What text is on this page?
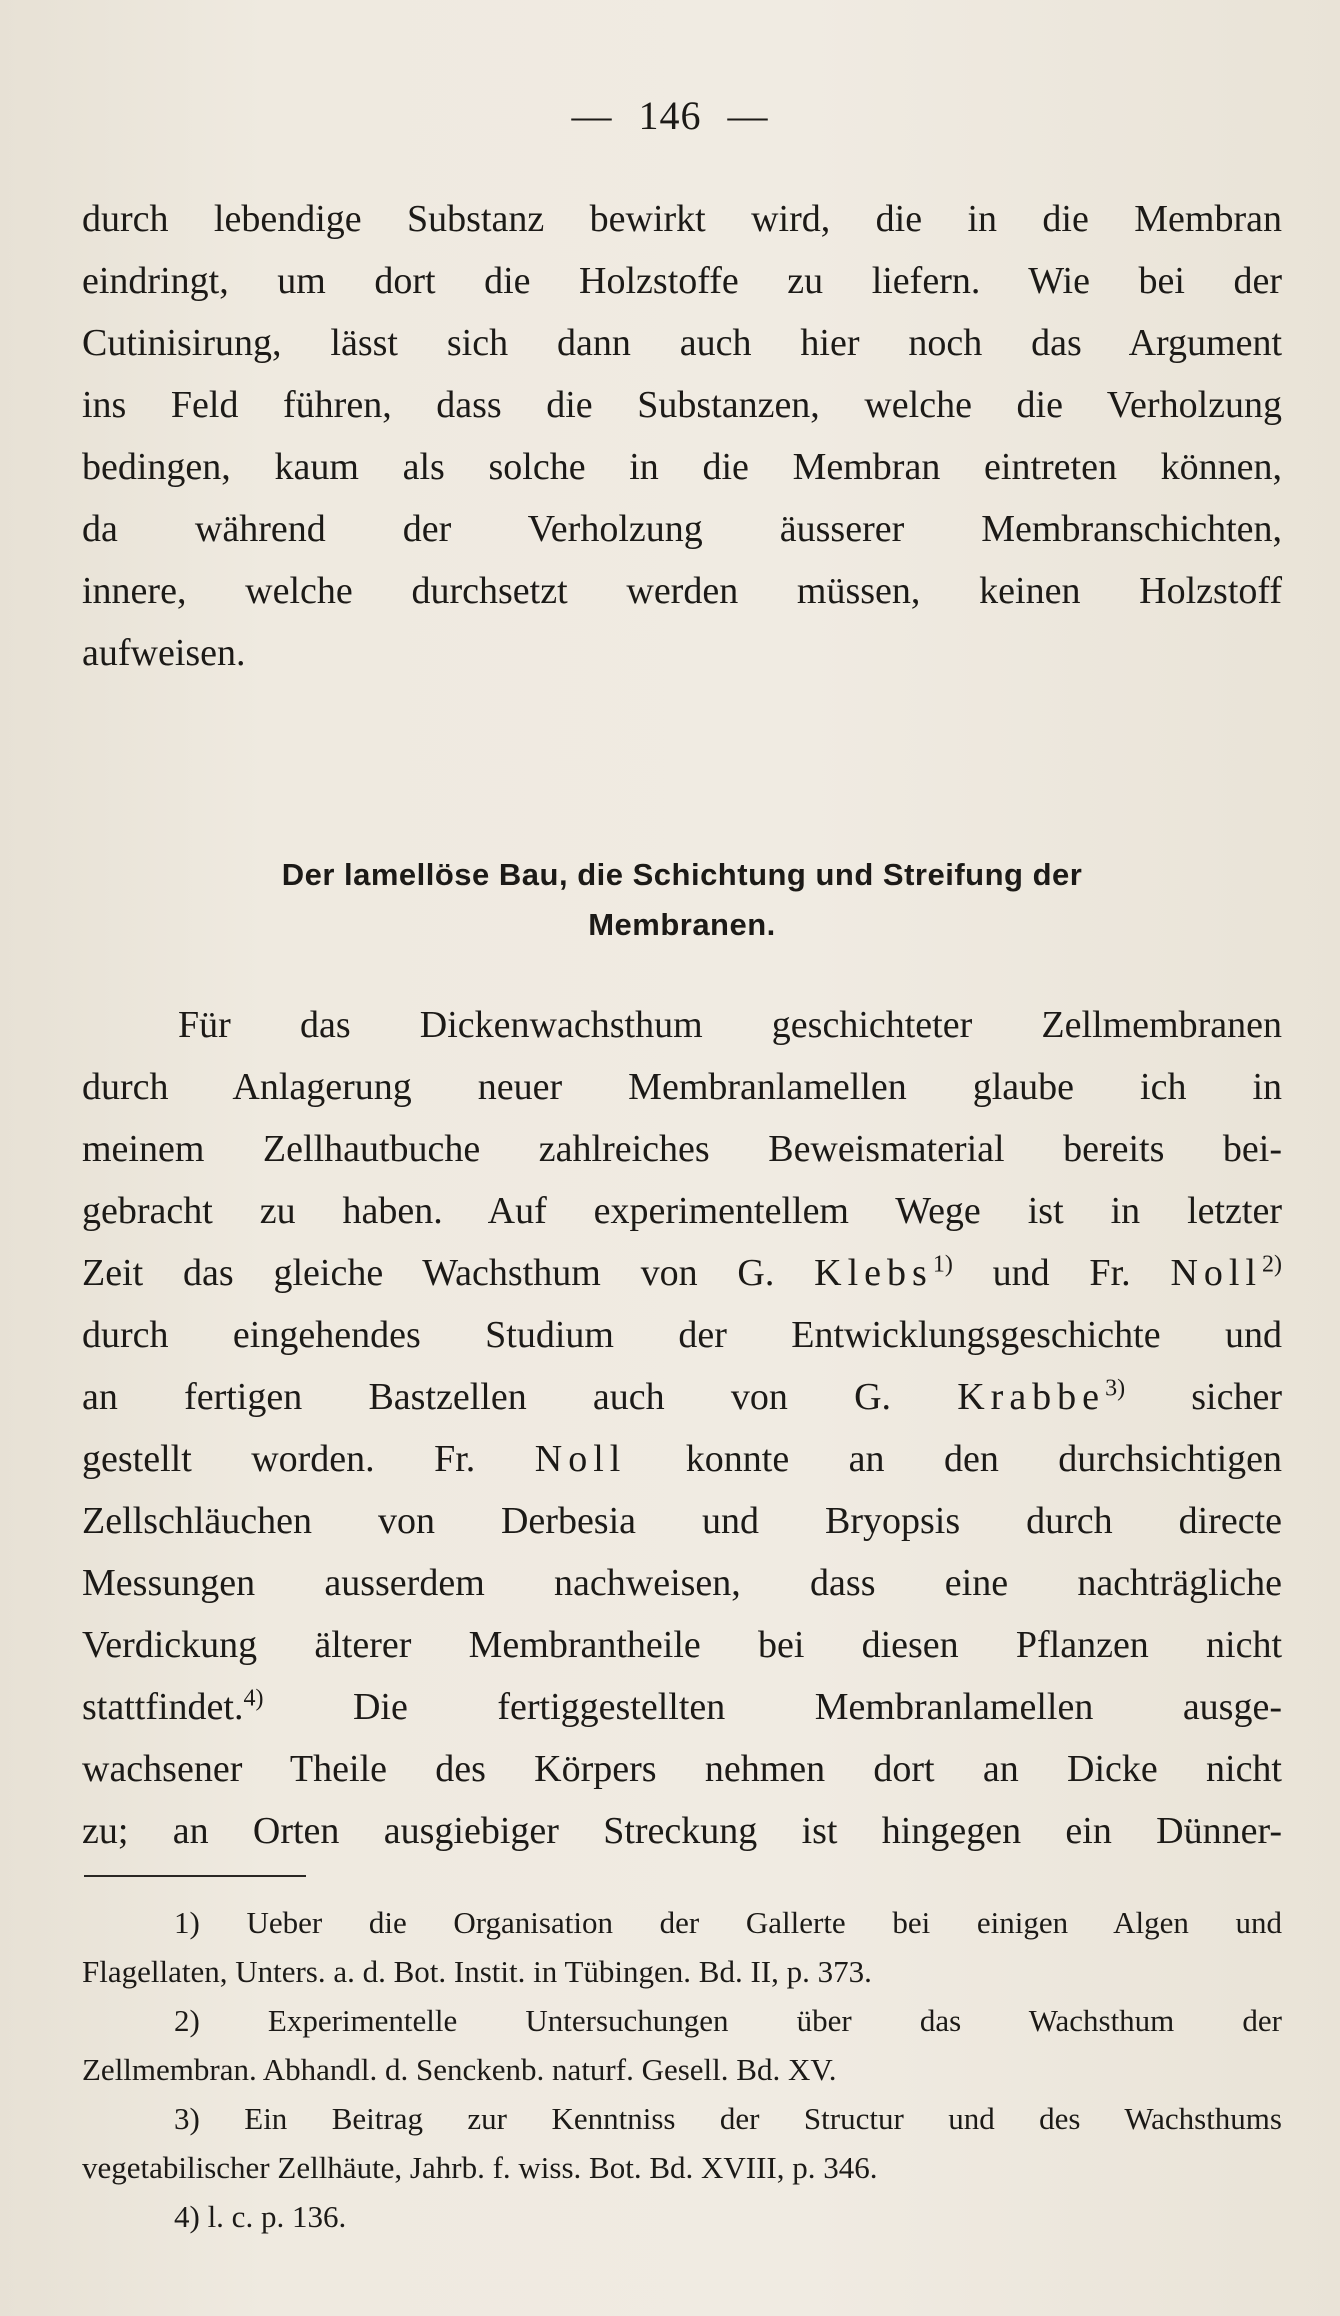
— 146 —
durch lebendige Substanz bewirkt wird, die in die Membran
eindringt, um dort die Holzstoffe zu liefern. Wie bei der
Cutinisirung, lässt sich dann auch hier noch das Argument
ins Feld führen, dass die Substanzen, welche die Verholzung
bedingen, kaum als solche in die Membran eintreten können,
da während der Verholzung äusserer Membranschichten,
innere, welche durchsetzt werden müssen, keinen Holzstoff
aufweisen.
Der lamellöse Bau, die Schichtung und Streifung der
Membranen.
Für das Dickenwachsthum geschichteter Zellmembranen
durch Anlagerung neuer Membranlamellen glaube ich in
meinem Zellhautbuche zahlreiches Beweismaterial bereits bei-
gebracht zu haben. Auf experimentellem Wege ist in letzter
Zeit das gleiche Wachsthum von G. Klebs$^{1)}$ und Fr. Noll$^{2)}$
durch eingehendes Studium der Entwicklungsgeschichte und
an fertigen Bastzellen auch von G. Krabbe$^{3)}$ sicher
gestellt worden. Fr. Noll konnte an den durchsichtigen
Zellschläuchen von Derbesia und Bryopsis durch directe
Messungen ausserdem nachweisen, dass eine nachträgliche
Verdickung älterer Membrantheile bei diesen Pflanzen nicht
stattfindet.$^{4)}$ Die fertiggestellten Membranlamellen ausge-
wachsener Theile des Körpers nehmen dort an Dicke nicht
zu; an Orten ausgiebiger Streckung ist hingegen ein Dünner-
1) Ueber die Organisation der Gallerte bei einigen Algen und
Flagellaten, Unters. a. d. Bot. Instit. in Tübingen. Bd. II, p. 373.
2) Experimentelle Untersuchungen über das Wachsthum der
Zellmembran. Abhandl. d. Senckenb. naturf. Gesell. Bd. XV.
3) Ein Beitrag zur Kenntniss der Structur und des Wachsthums
vegetabilischer Zellhäute, Jahrb. f. wiss. Bot. Bd. XVIII, p. 346.
4) l. c. p. 136.
